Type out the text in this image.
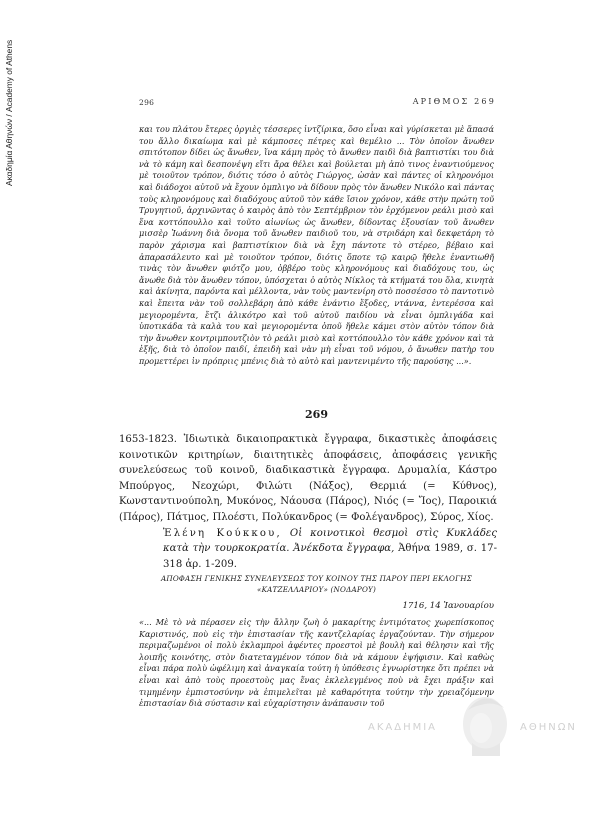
Ακαδημία Αθηνών / Academy of Athens	296	ΑΡΙΘΜΟΣ 269
και του πλάτου ἔτερες ὀργιὲς τέσσερες ἰντζίρικα, ὅσο εἶναι καὶ γύρίσκεται μὲ ἅπασά του ἄλλο δικαίωμα καὶ μὲ κάμποσες πέτρες καὶ θεμέλιο ... Τὸν ὁποῖον ἄνωθεν σπιτότοπον δίδει ὡς ἄνωθεν, ἵνα κάμη πρὸς τὸ ἄνωθεν παιδὶ διὰ βαπτιστίκι του διὰ νὰ τὸ κάμη καὶ δεσπονέψη εἴτι ἄρα θέλει καὶ βούλεται μὴ ἀπὸ τινος ἐναντιούμενος μὲ τοιοῦτον τρόπον, διότις τόσο ὁ αὐτὸς Γιώργος, ὡσὰν καὶ πάντες οἱ κληρονόμοι καὶ διάδοχοι αὐτοῦ νὰ ἔχουν ὀμπλιγο νὰ δίδουν πρὸς τὸν ἄνωθεν Νικόλο καὶ πάντας τοὺς κληρονόμους καὶ διαδόχους αὐτοῦ τὸν κάθε ἴσιον χρόνον, κάθε στὴν πρώτη τοῦ Τρυγητιοῦ, ἀρχινῶντας ὁ καιρὸς ἀπὸ τὸν Σεπτέμβριον τὸν ἐρχόμενον ρεάλι μισὸ καὶ ἕνα κοττόπουλλο καὶ τοῦτο αἰωνίως ὡς ἄνωθεν, δίδοντας ἐξουσίαν τοῦ ἄνωθεν μισσὲρ Ἰωάννη διὰ ὄνομα τοῦ ἄνωθεν παιδιοῦ του, νὰ στριδάρη καὶ δεκφετάρη τὸ παρὸν χάρισμα καὶ βαπτιστίκιον διὰ νὰ ἔχη πάντοτε τὸ στέρεο, βέβαιο καὶ ἀπαρασάλευτο καὶ μὲ τοιοῦτον τρόπον, διότις ὅποτε τῷ καιρῷ ἤθελε ἐναντιωθῆ τινὰς τὸν ἄνωθεν φιότζο μου, ὀββέρο τοὺς κληρονόμους καὶ διαδόχους του, ὡς ἄνωθε διὰ τὸν ἄνωθεν τόπον, ὑπόσχεται ὁ αὐτὸς Νίκλος τὰ κτήματά του ὅλα, κινητὰ καὶ ἀκίνητα, παρόντα καὶ μέλλοντα, νὰν τοὺς μαντενίρη στὸ ποσσέσσο τὸ παντοτινὸ καὶ ἔπειτα νὰν τοῦ σολλεβάρη ἀπὸ κάθε ἐνάντιο ἔξοδες, ντάννα, ἐντερέσσα καὶ μεγιορομέντα, ἔτζι ἀλικότρο καὶ τοῦ αὐτοῦ παιδίου νὰ εἶναι ὀμπλιγάδα καὶ ὑποτικάδα τὰ καλὰ του καὶ μεγιορομέντα ὁποῦ ἤθελε κάμει στὸν αὐτὸν τόπον διὰ τὴν ἄνωθεν κοντριμπουτζιὸν τὸ ρεάλι μισὸ καὶ κοττόπουλλο τὸν κάθε χρόνον καὶ τὰ ἑξῆς, διὰ τὸ ὁποῖον παιδί, ἐπειδὴ καὶ νὰν μὴ εἶναι τοῦ νόμου, ὁ ἄνωθεν πατὴρ του προμεττέρει ἰν πρόπριις μπένις διὰ τὸ αὐτὸ καὶ μαντενιμέντο τῆς παρούσης ...».
269
1653-1823. Ἰδιωτικὰ δικαιοπρακτικὰ ἔγγραφα, δικαστικὲς ἀποφάσεις κοινοτικῶν κριτηρίων, διαιτητικὲς ἀποφάσεις, ἀποφάσεις γενικῆς συνελεύσεως τοῦ κοινοῦ, διαδικαστικὰ ἔγγραφα. Δρυμαλία, Κάστρο Μπούργος, Νεοχώρι, Φιλώτι (Νάξος), Θερμιά (= Κύθνος), Κωνσταντινούπολη, Μυκόνος, Νάουσα (Πάρος), Νιός (= Ἴος), Παροικιά (Πάρος), Πάτμος, Πλοέστι, Πολύκανδρος (= Φολέγανδρος), Σύρος, Χίος.
Ἑλένη Κούκκου, Οἱ κοινοτικοὶ θεσμοὶ στὶς Κυκλάδες κατὰ τὴν τουρκοκρατία. Ἀνέκδοτα ἔγγραφα, Ἀθήνα 1989, σ. 17-318 ἀρ. 1-209.
ΑΠΟΦΑΣΗ ΓΕΝΙΚΗΣ ΣΥΝΕΛΕΥΣΕΩΣ ΤΟΥ ΚΟΙΝΟΥ ΤΗΣ ΠΑΡΟΥ ΠΕΡΙ ΕΚΛΟΓΗΣ «ΚΑΤΖΕΛΛΑΡΙΟΥ» (ΝΟΔΑΡΟΥ)
1716, 14 Ἰανουαρίου
«... Μὲ τὸ νὰ πέρασεν εἰς τὴν ἄλλην ζωὴ ὁ μακαρίτης ἐντιμότατος χωρεπίσκοπος Καριστινός, ποὺ εἰς τὴν ἐπιστασίαν τῆς καντζελαρίας ἐργαζούνταν. Τὴν σήμερον περιμαζωμένοι οἱ πολὺ ἐκλαμπροὶ ἀφέντες προεστοὶ μὲ βουλὴ καὶ θέλησιν καὶ τῆς λοιπῆς κοινότης, στὸν διατεταγμένον τόπον διὰ νὰ κάμουν ἐψήφισιν. Καὶ καθὼς εἶναι πάρα πολὺ ὠφέλιμη καὶ ἀναγκαία τούτη ἡ ὑπόθεσις ἐγνωρίστηκε ὅτι πρέπει νὰ εἶναι καὶ ἀπὸ τοὺς προεστοὺς μας ἕνας ἐκλελεγμένος ποὺ νὰ ἔχει πράξιν καὶ τιμημένην ἐμπιστοσύνην νὰ ἐπιμελεῖται μὲ καθαρότητα τούτην τὴν χρειαζόμενην ἐπιστασίαν διὰ σύστασιν καὶ εὐχαρίστησιν ἀνάπαυσιν τοῦ
ΑΚΑΔΗΜΙΑ	ΑΘΗΝΩΝ
